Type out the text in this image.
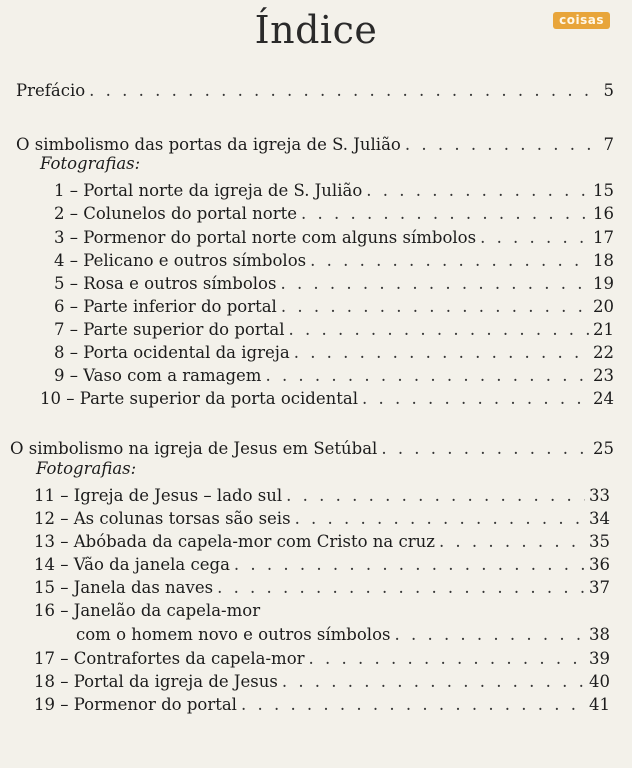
Índice	coisas
Prefácio . . .	5
O simbolismo das portas da igreja de S. Julião . . .	7
Fotografias:
1 – Portal norte da igreja de S. Julião . . .	15
2 – Colunelos do portal norte . . .	16
3 – Pormenor do portal norte com alguns símbolos . . .	17
4 – Pelicano e outros símbolos . . .	18
5 – Rosa e outros símbolos . . .	19
6 – Parte inferior do portal . . .	20
7 – Parte superior do portal . . .	21
8 – Porta ocidental da igreja . . .	22
9 – Vaso com a ramagem . . .	23
10 – Parte superior da porta ocidental . . .	24
O simbolismo na igreja de Jesus em Setúbal . . .	25
Fotografias:
11 – Igreja de Jesus – lado sul . . .	33
12 – As colunas torsas são seis . . .	34
13 – Abóbada da capela-mor com Cristo na cruz . . .	35
14 – Vão da janela cega . . .	36
15 – Janela das naves . . .	37
16 – Janelão da capela-mor
com o homem novo e outros símbolos . . .	38
17 – Contrafortes da capela-mor . . .	39
18 – Portal da igreja de Jesus . . .	40
19 – Pormenor do portal . . .	41
